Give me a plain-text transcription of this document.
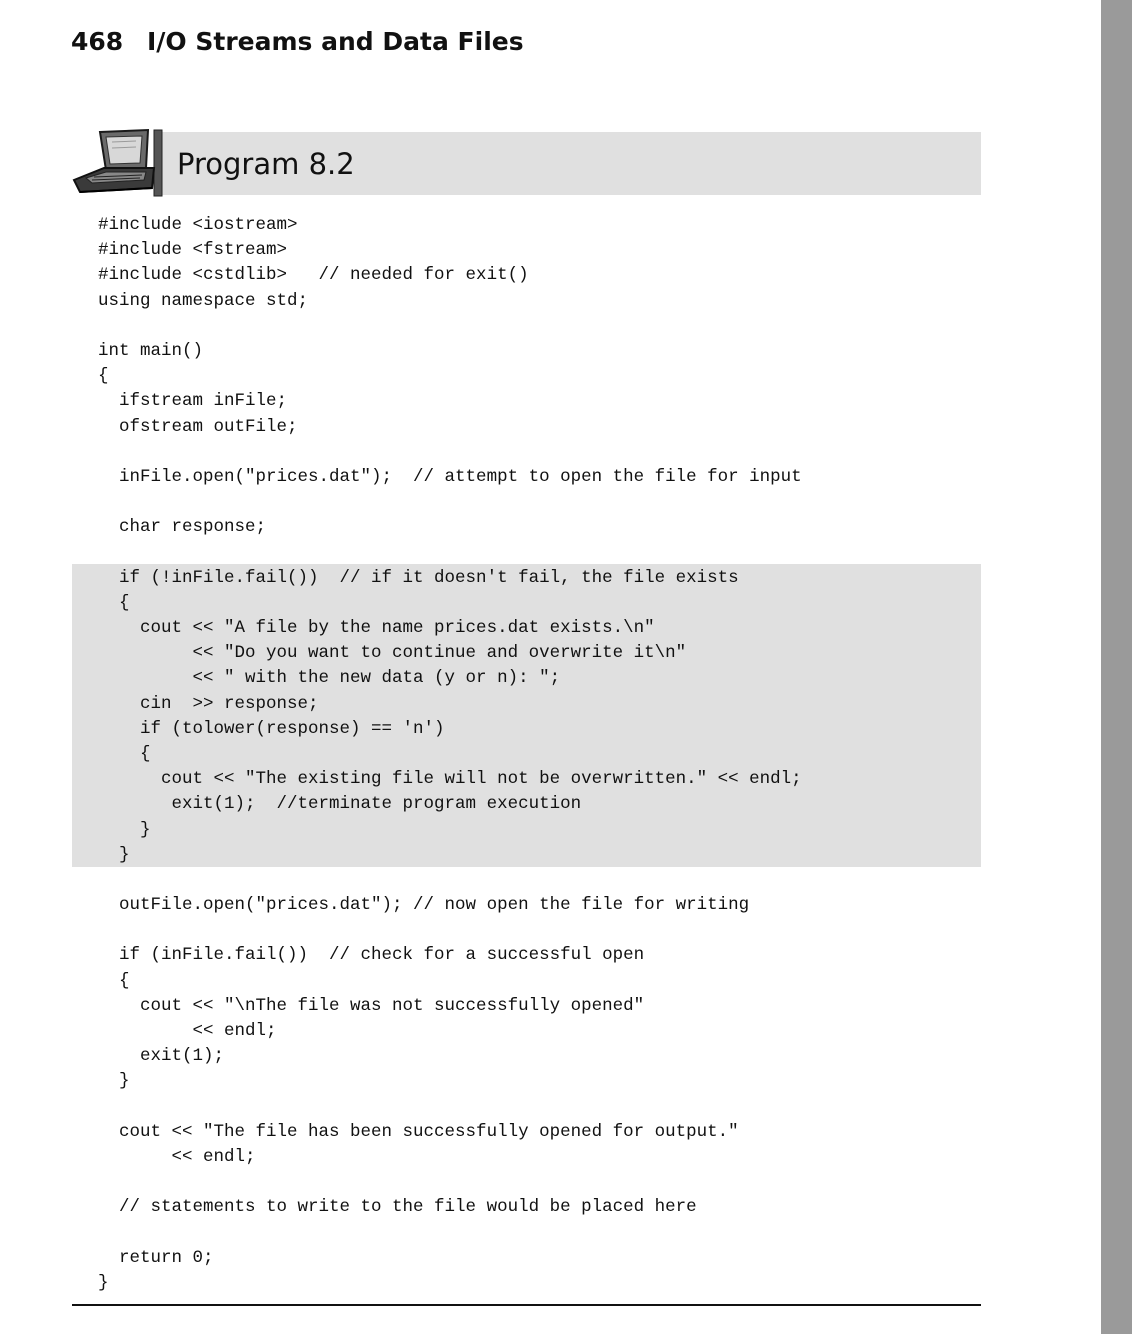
468 I/O Streams and Data Files
Program 8.2
#include <iostream>
#include <fstream>
#include <cstdlib>   // needed for exit()
using namespace std;
int main()
{
ifstream inFile;
ofstream outFile;
inFile.open("prices.dat");  // attempt to open the file for input
char response;
if (!inFile.fail())  // if it doesn't fail, the file exists
{
cout << "A file by the name prices.dat exists.\n"
<< "Do you want to continue and overwrite it\n"
<< " with the new data (y or n): ";
cin  >> response;
if (tolower(response) == 'n')
{
cout << "The existing file will not be overwritten." << endl;
exit(1);  //terminate program execution
}
}
outFile.open("prices.dat"); // now open the file for writing
if (inFile.fail())  // check for a successful open
{
cout << "\nThe file was not successfully opened"
<< endl;
exit(1);
}
cout << "The file has been successfully opened for output."
<< endl;
// statements to write to the file would be placed here
return 0;
}
